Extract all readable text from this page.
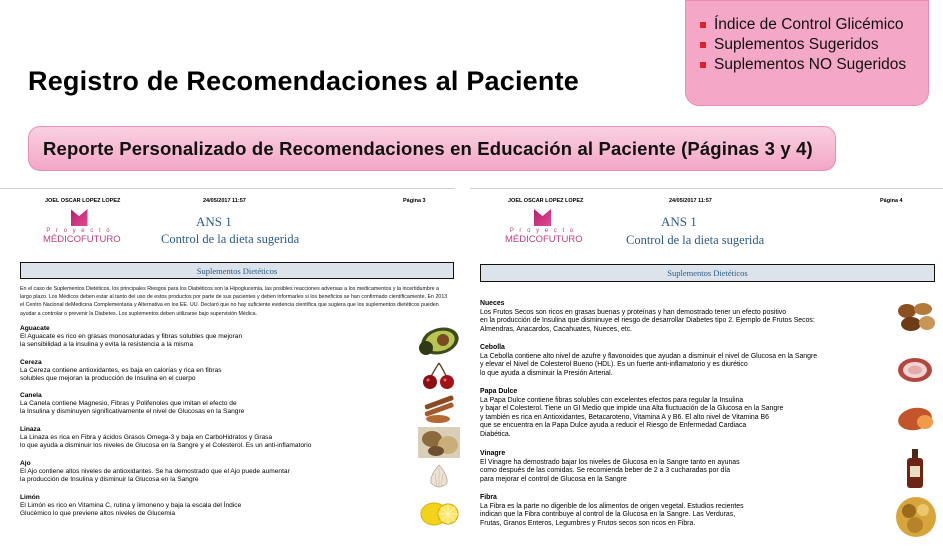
Registro de Recomendaciones al Paciente
Índice de Control Glicémico
Suplementos Sugeridos
Suplementos NO Sugeridos
Reporte Personalizado de Recomendaciones en Educación al Paciente (Páginas 3 y 4)
JOEL OSCAR LOPEZ LOPEZ	24/05/2017 11:57	Página 3
P r o y e c t o
MÉDICOFUTURO
ANS 1
Control de la dieta sugerida
Suplementos Dietéticos
En el caso de Suplementos Dietéticos, los principales Riesgos para los Diabéticos son la Hipoglucemia, las posibles reacciones adversas a los medicamentos y la incertidumbre a largo plazo. Los Médicos deben estar al tanto del uso de estos productos por parte de sus pacientes y deben informarles si los beneficios se han confirmado científicamente. En 2013 el Centro Nacional deMedicina Complementaria y Alternativa en los EE. UU. Declaró que no hay suficiente evidencia científica que sugiera que los suplementos dietéticos pueden ayudar a controlar o prevenir la Diabetes. Los suplementos deben utilizarse bajo supervisión Médica.
Aguacate
El Aguacate es rico en grasas monosaturadas y fibras solubles que mejoran
la sensibilidad a la insulina y evita la resistencia a la misma
Cereza
La Cereza contiene antioxidantes, es baja en calorías y rica en fibras
solubles que mejoran la producción de Insulina en el cuerpo
Canela
La Canela contiene Magnesio, Fibras y Polifenoles que imitan el efecto de
la Insulina y disminuyen significativamente el nivel de Glucosas en la Sangre
Linaza
La Linaza es rica en Fibra y ácidos Grasos Omega-3 y baja en CarboHidratos y Grasa
lo que ayuda a disminuir los niveles de Glucosa en la Sangre y el Colesterol. Es un anti-inflamatorio
Ajo
El Ajo contiene altos niveles de antioxidantes. Se ha demostrado que el Ajo puede aumentar
la producción de Insulina y disminuir la Glucosa en la Sangre
Limón
El Limón es rico en Vitamina C, rutina y limoneno y baja la escala del Índice
Glucémico lo que previene altos niveles de Glucemia
JOEL OSCAR LOPEZ LOPEZ	24/05/2017 11:57	Página 4
P r o y e c t o
MÉDICOFUTURO
ANS 1
Control de la dieta sugerida
Suplementos Dietéticos
Nueces
Los Frutos Secos son ricos en grasas buenas y proteínas y han demostrado tener un efecto positivo
en la producción de Insulina que disminuye el riesgo de desarrollar Diabetes tipo 2. Ejemplo de Frutos Secos:
Almendras, Anacardos, Cacahuates, Nueces, etc.
Cebolla
La Cebolla contiene alto nivel de azufre y flavonoides que ayudan a disminuir el nivel de Glucosa en la Sangre
y elevar el Nivel de Colesterol Bueno (HDL). Es un fuerte anti-inflamatorio y es diurético
lo que ayuda a disminuir la Presión Arterial.
Papa Dulce
La Papa Dulce contiene fibras solubles con excelentes efectos para regular la Insulina
y bajar el Colesterol. Tiene un GI Medio que impide una Alta fluctuación de la Glucosa en la Sangre
y también es rica en Antioxidantes, Betacaroteno, Vitamina A y B6. El alto nivel de Vitamina B6
que se encuentra en la Papa Dulce ayuda a reducir el Riesgo de Enfermedad Cardiaca
Diabética.
Vinagre
El Vinagre ha demostrado bajar los niveles de Glucosa en la Sangre tanto en ayunas
como después de las comidas. Se recomienda beber de 2 a 3 cucharadas por día
para mejorar el control de Glucosa en la Sangre
Fibra
La Fibra es la parte no digerible de los alimentos de origen vegetal. Estudios recientes
indican que la Fibra contribuye al control de la Glucosa en la Sangre. Las Verduras,
Frutas, Granos Enteros, Legumbres y Frutos secos son ricos en Fibra.
